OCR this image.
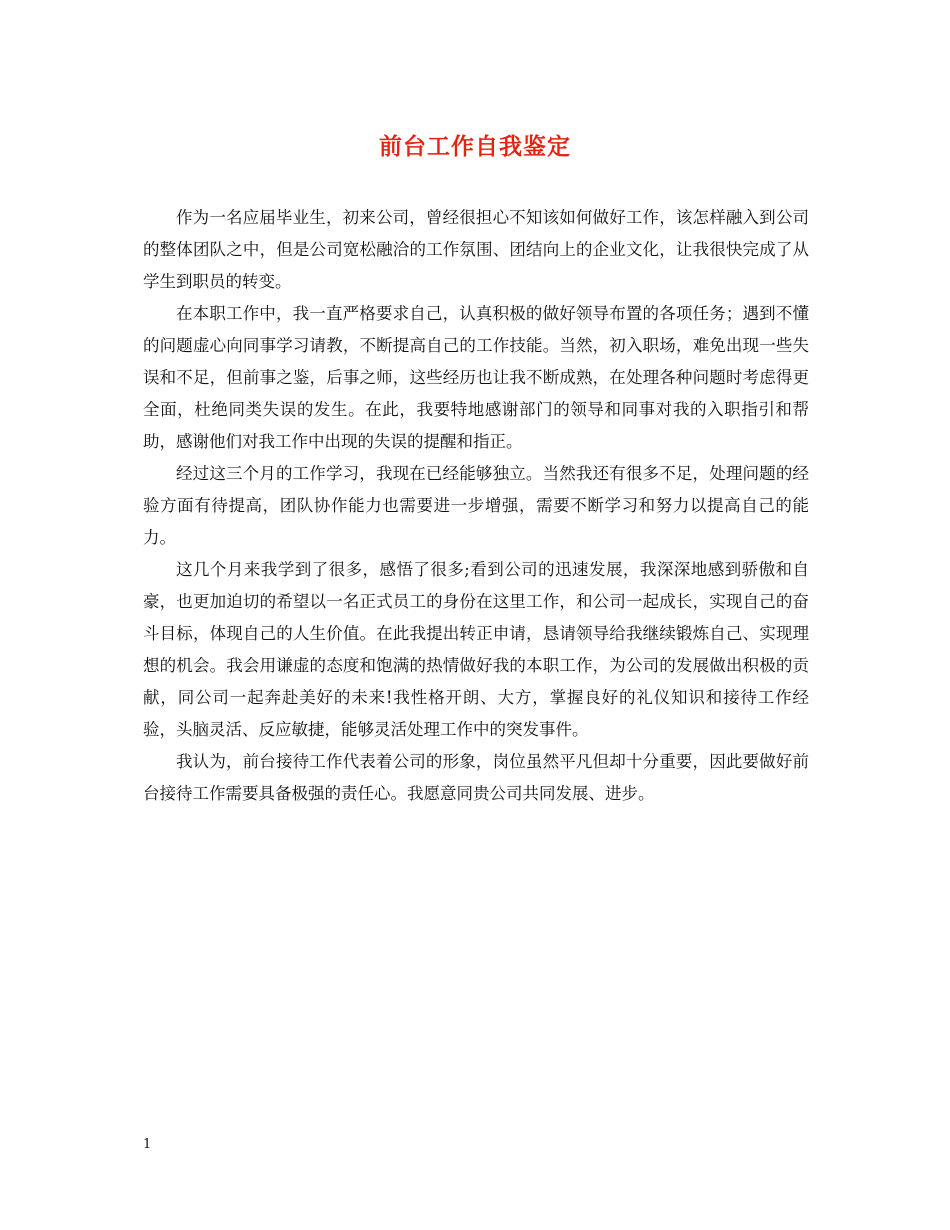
前台工作自我鉴定

作为一名应届毕业生，初来公司，曾经很担心不知该如何做好工作，该怎样融入到公司的整体团队之中，但是公司宽松融洽的工作氛围、团结向上的企业文化，让我很快完成了从学生到职员的转变。

在本职工作中，我一直严格要求自己，认真积极的做好领导布置的各项任务；遇到不懂的问题虚心向同事学习请教，不断提高自己的工作技能。当然，初入职场，难免出现一些失误和不足，但前事之鉴，后事之师，这些经历也让我不断成熟，在处理各种问题时考虑得更全面，杜绝同类失误的发生。在此，我要特地感谢部门的领导和同事对我的入职指引和帮助，感谢他们对我工作中出现的失误的提醒和指正。

经过这三个月的工作学习，我现在已经能够独立。当然我还有很多不足，处理问题的经验方面有待提高，团队协作能力也需要进一步增强，需要不断学习和努力以提高自己的能力。

这几个月来我学到了很多，感悟了很多;看到公司的迅速发展，我深深地感到骄傲和自豪，也更加迫切的希望以一名正式员工的身份在这里工作，和公司一起成长，实现自己的奋斗目标，体现自己的人生价值。在此我提出转正申请，恳请领导给我继续锻炼自己、实现理想的机会。我会用谦虚的态度和饱满的热情做好我的本职工作，为公司的发展做出积极的贡献，同公司一起奔赴美好的未来!我性格开朗、大方，掌握良好的礼仪知识和接待工作经验，头脑灵活、反应敏捷，能够灵活处理工作中的突发事件。

我认为，前台接待工作代表着公司的形象，岗位虽然平凡但却十分重要，因此要做好前台接待工作需要具备极强的责任心。我愿意同贵公司共同发展、进步。

1
